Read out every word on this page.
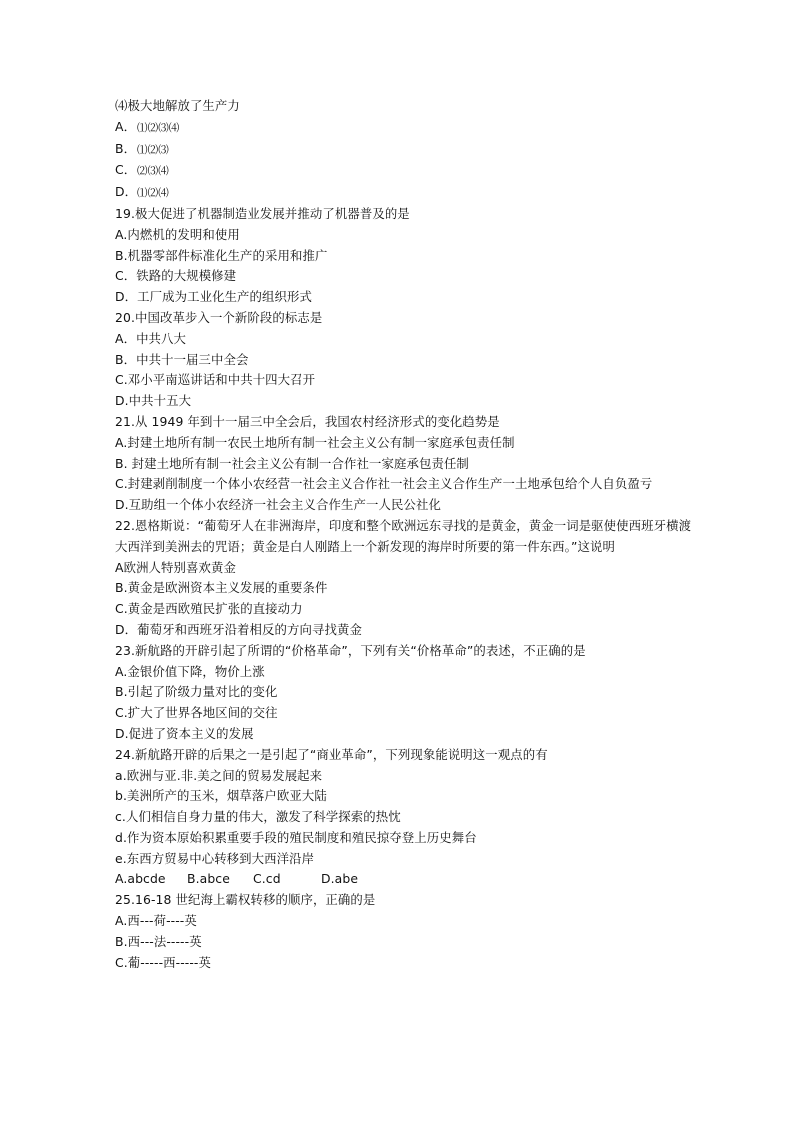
⑷极大地解放了生产力
A．⑴⑵⑶⑷
B．⑴⑵⑶
C．⑵⑶⑷
D．⑴⑵⑷
19.极大促进了机器制造业发展并推动了机器普及的是
A.内燃机的发明和使用
B.机器零部件标准化生产的采用和推广
C．铁路的大规模修建
D．工厂成为工业化生产的组织形式
20.中国改革步入一个新阶段的标志是
A．中共八大
B．中共十一届三中全会
C.邓小平南巡讲话和中共十四大召开
D.中共十五大
21.从 1949 年到十一届三中全会后，我国农村经济形式的变化趋势是
A.封建土地所有制一农民土地所有制一社会主义公有制一家庭承包责任制
B. 封建土地所有制一社会主义公有制一合作社一家庭承包责任制
C.封建剥削制度一个体小农经营一社会主义合作社一社会主义合作生产一土地承包给个人自负盈亏
D.互助组一个体小农经济一社会主义合作生产一人民公社化
22.恩格斯说：“葡萄牙人在非洲海岸，印度和整个欧洲远东寻找的是黄金，黄金一词是驱使使西班牙横渡大西洋到美洲去的咒语；黄金是白人刚踏上一个新发现的海岸时所要的第一件东西。”这说明
A欧洲人特别喜欢黄金
B.黄金是欧洲资本主义发展的重要条件
C.黄金是西欧殖民扩张的直接动力
D．葡萄牙和西班牙沿着相反的方向寻找黄金
23.新航路的开辟引起了所谓的“价格革命”，下列有关“价格革命”的表述，不正确的是
A.金银价值下降，物价上涨
B.引起了阶级力量对比的变化
C.扩大了世界各地区间的交往
D.促进了资本主义的发展
24.新航路开辟的后果之一是引起了“商业革命”，下列现象能说明这一观点的有
a.欧洲与亚.非.美之间的贸易发展起来
b.美洲所产的玉米，烟草落户欧亚大陆
c.人们相信自身力量的伟大，激发了科学探索的热忱
d.作为资本原始积累重要手段的殖民制度和殖民掠夺登上历史舞台
e.东西方贸易中心转移到大西洋沿岸
A.abcde B.abce C.cd	D.abe
25.16-18 世纪海上霸权转移的顺序，正确的是
A.西---荷----英
B.西---法-----英
C.葡-----西-----英
